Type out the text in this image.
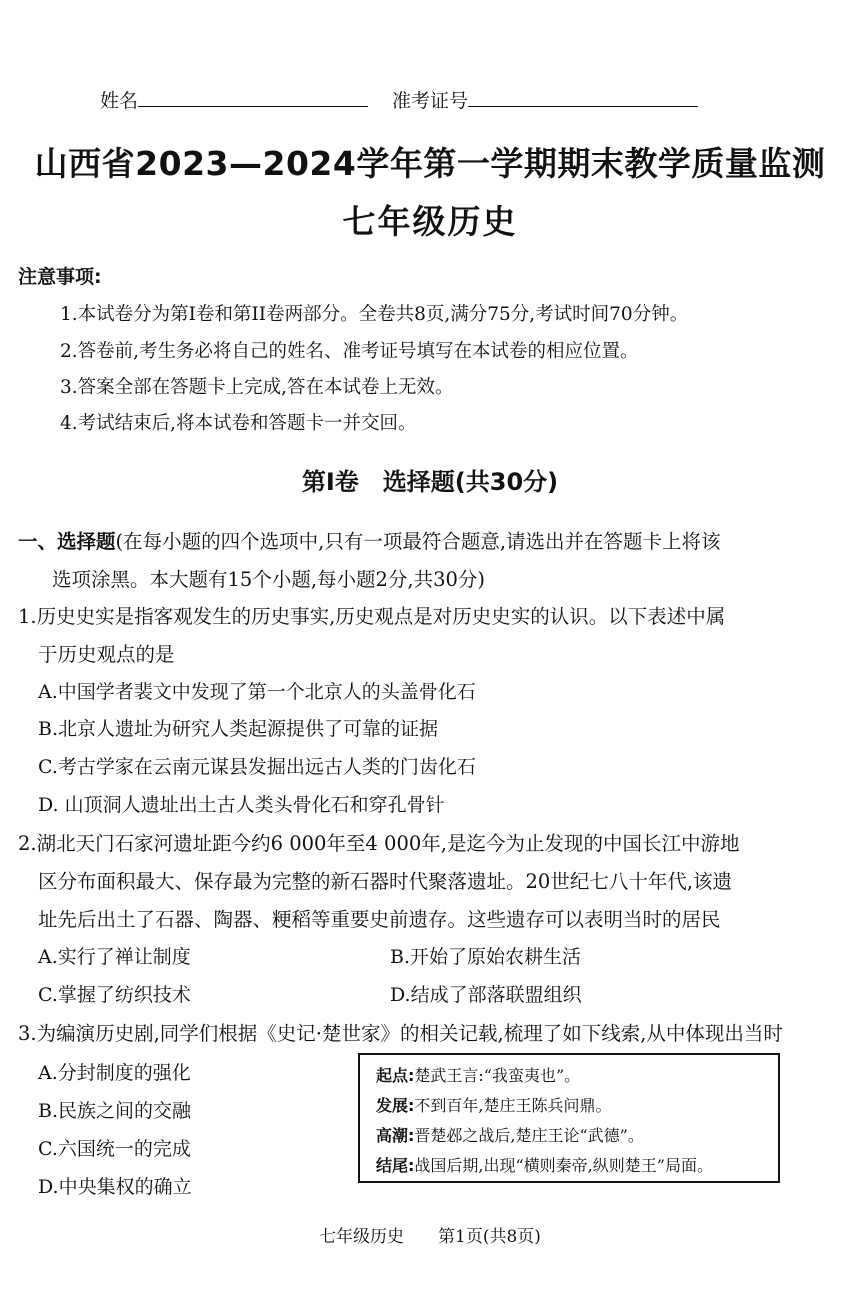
姓名	准考证号
山西省2023—2024学年第一学期期末教学质量监测
七年级历史
注意事项:
1.本试卷分为第I卷和第II卷两部分。全卷共8页,满分75分,考试时间70分钟。
2.答卷前,考生务必将自己的姓名、准考证号填写在本试卷的相应位置。
3.答案全部在答题卡上完成,答在本试卷上无效。
4.考试结束后,将本试卷和答题卡一并交回。
第I卷　选择题(共30分)
一、选择题(在每小题的四个选项中,只有一项最符合题意,请选出并在答题卡上将该
选项涂黑。本大题有15个小题,每小题2分,共30分)
1.历史史实是指客观发生的历史事实,历史观点是对历史史实的认识。以下表述中属
于历史观点的是
A.中国学者裴文中发现了第一个北京人的头盖骨化石
B.北京人遗址为研究人类起源提供了可靠的证据
C.考古学家在云南元谋县发掘出远古人类的门齿化石
D. 山顶洞人遗址出土古人类头骨化石和穿孔骨针
2.湖北天门石家河遗址距今约6 000年至4 000年,是迄今为止发现的中国长江中游地
区分布面积最大、保存最为完整的新石器时代聚落遗址。20世纪七八十年代,该遗
址先后出土了石器、陶器、粳稻等重要史前遗存。这些遗存可以表明当时的居民
A.实行了禅让制度	B.开始了原始农耕生活
C.掌握了纺织技术	D.结成了部落联盟组织
3.为编演历史剧,同学们根据《史记·楚世家》的相关记载,梳理了如下线索,从中体现出当时
A.分封制度的强化
B.民族之间的交融
C.六国统一的完成
D.中央集权的确立
起点:楚武王言:“我蛮夷也”。
发展:不到百年,楚庄王陈兵问鼎。
高潮:晋楚邲之战后,楚庄王论“武德”。
结尾:战国后期,出现“横则秦帝,纵则楚王”局面。
七年级历史　　第1页(共8页)
